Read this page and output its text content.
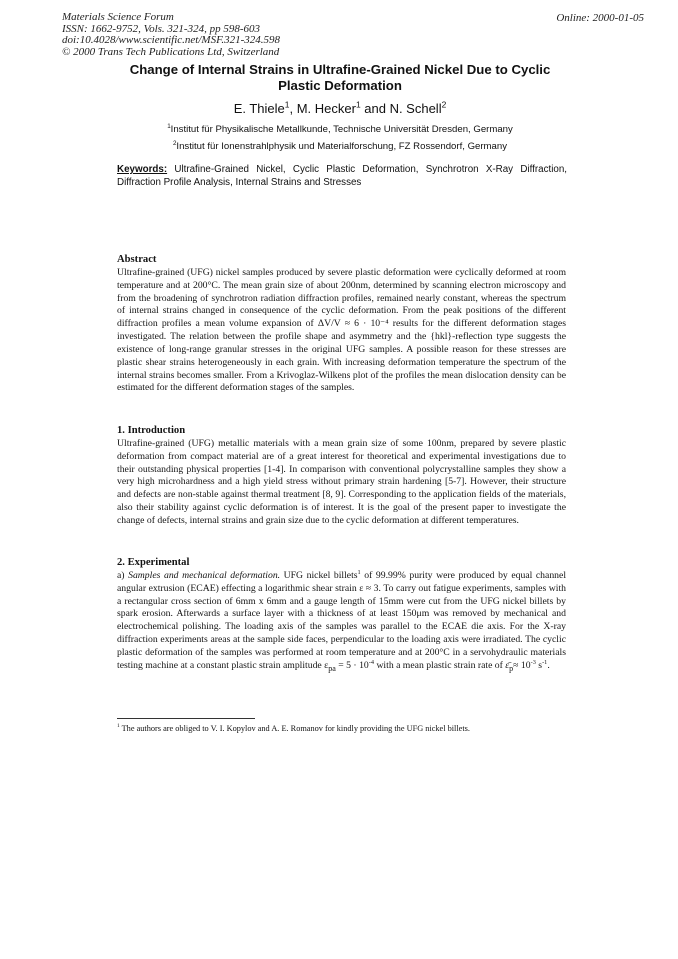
Materials Science Forum
ISSN: 1662-9752, Vols. 321-324, pp 598-603
doi:10.4028/www.scientific.net/MSF.321-324.598
© 2000 Trans Tech Publications Ltd, Switzerland
Online: 2000-01-05
Change of Internal Strains in Ultrafine-Grained Nickel Due to Cyclic
Plastic Deformation
E. Thiele$^1$, M. Hecker$^1$ and N. Schell$^2$
$^1$Institut für Physikalische Metallkunde, Technische Universität Dresden, Germany
$^2$Institut für Ionenstrahlphysik und Materialforschung, FZ Rossendorf, Germany
Keywords: Ultrafine-Grained Nickel, Cyclic Plastic Deformation, Synchrotron X-Ray Diffraction, Diffraction Profile Analysis, Internal Strains and Stresses
Abstract

Ultrafine-grained (UFG) nickel samples produced by severe plastic deformation were cyclically deformed at room temperature and at 200°C. The mean grain size of about 200nm, determined by scanning electron microscopy and from the broadening of synchrotron radiation diffraction profiles, remained nearly constant, whereas the spectrum of internal strains changed in consequence of the cyclic deformation. From the peak positions of the different diffraction profiles a mean volume expansion of ΔV/V ≈ 6 · 10⁻⁴ results for the different deformation stages investigated. The relation between the profile shape and asymmetry and the {hkl}-reflection type suggests the existence of long-range granular stresses in the original UFG samples. A possible reason for these stresses are plastic shear strains heterogeneously in each grain. With increasing deformation temperature the spectrum of the internal strains becomes smaller. From a Krivoglaz-Wilkens plot of the profiles the mean dislocation density can be estimated for the different deformation stages of the samples.

1. Introduction

Ultrafine-grained (UFG) metallic materials with a mean grain size of some 100nm, prepared by severe plastic deformation from compact material are of a great interest for theoretical and experimental investigations due to their outstanding physical properties [1-4]. In comparison with conventional polycrystalline samples they show a very high microhardness and a high yield stress without primary strain hardening [5-7]. However, their structure and defects are non-stable against thermal treatment [8, 9]. Corresponding to the application fields of the materials, also their stability against cyclic deformation is of interest. It is the goal of the present paper to investigate the change of defects, internal strains and grain size due to the cyclic deformation at different temperatures.

2. Experimental

a) Samples and mechanical deformation. UFG nickel billets$^1$ of 99.99% purity were produced by equal channel angular extrusion (ECAE) effecting a logarithmic shear strain ε ≈ 3. To carry out fatigue experiments, samples with a rectangular cross section of 6mm x 6mm and a gauge length of 15mm were cut from the UFG nickel billets by spark erosion. Afterwards a surface layer with a thickness of at least 150μm was removed by mechanical and electrochemical polishing. The loading axis of the samples was parallel to the ECAE die axis. For the X-ray diffraction experiments areas at the sample side faces, perpendicular to the loading axis were irradiated. The cyclic plastic deformation of the samples was performed at room temperature and at 200°C in a servohydraulic materials testing machine at a constant plastic strain amplitude $\varepsilon_{pa} = 5 \cdot 10^{-4}$ with a mean plastic strain rate of $\varepsilon̄_p\approx 10^{-3}$ $s^{-1}$.

$^1$ The authors are obliged to V. I. Kopylov and A. E. Romanov for kindly providing the UFG nickel billets.
